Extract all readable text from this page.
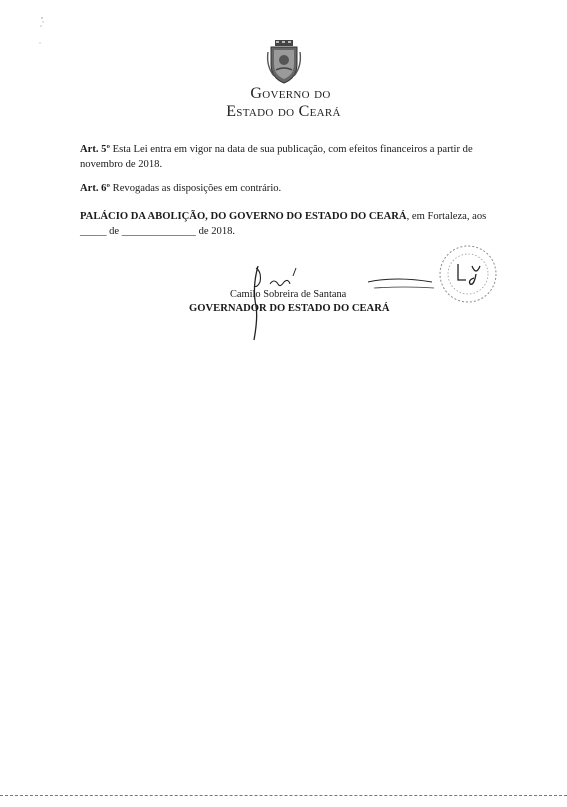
Governo do
Estado do Ceará
Art. 5º Esta Lei entra em vigor na data de sua publicação, com efeitos financeiros a partir de novembro de 2018.
Art. 6º Revogadas as disposições em contrário.
PALÁCIO DA ABOLIÇÃO, DO GOVERNO DO ESTADO DO CEARÁ, em Fortaleza, aos _____ de ______________ de 2018.
Camilo Sobreira de Santana
GOVERNADOR DO ESTADO DO CEARÁ
